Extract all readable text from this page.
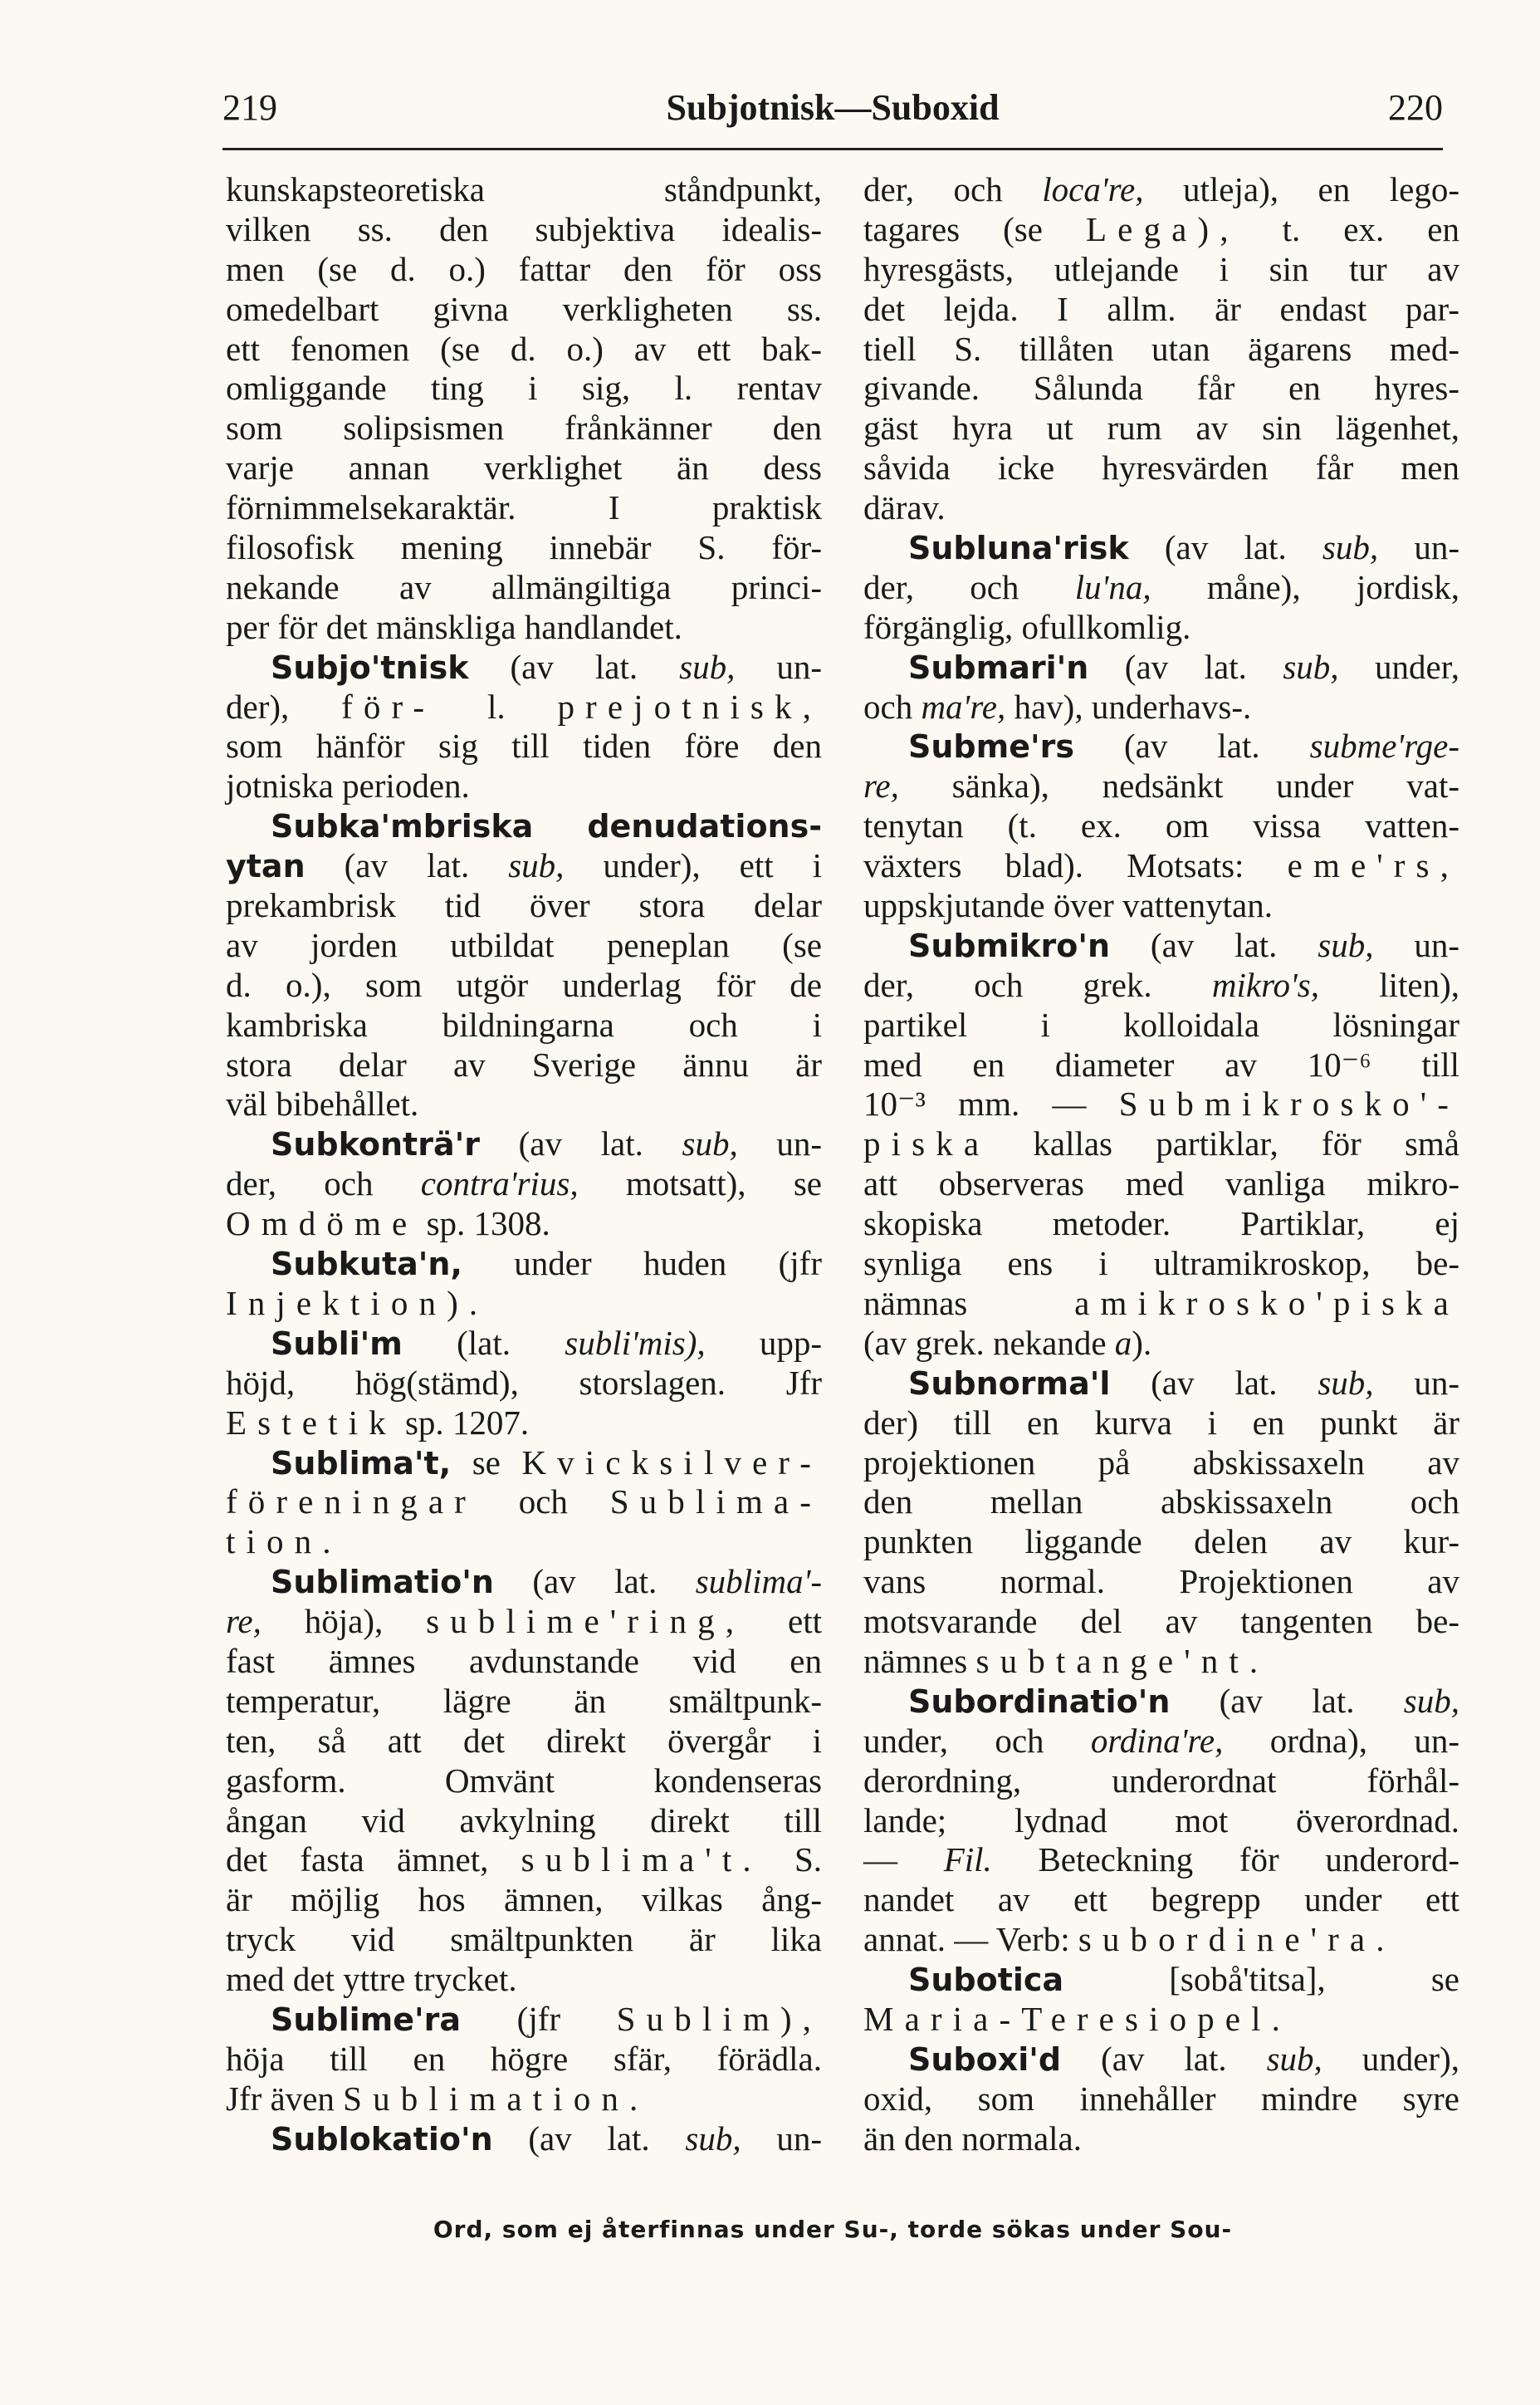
219	Subjotnisk—Suboxid	220
kunskapsteoretiska ståndpunkt,
vilken ss. den subjektiva idealis-
men (se d. o.) fattar den för oss
omedelbart givna verkligheten ss.
ett fenomen (se d. o.) av ett bak-
omliggande ting i sig, l. rentav
som solipsismen frånkänner den
varje annan verklighet än dess
förnimmelsekaraktär. I praktisk
filosofisk mening innebär S. för-
nekande av allmängiltiga princi-
per för det mänskliga handlandet.
Subjo'tnisk (av lat. sub, un-
der), för- l. prejotnisk,
som hänför sig till tiden före den
jotniska perioden.
Subka'mbriska denudations-
ytan (av lat. sub, under), ett i
prekambrisk tid över stora delar
av jorden utbildat peneplan (se
d. o.), som utgör underlag för de
kambriska bildningarna och i
stora delar av Sverige ännu är
väl bibehållet.
Subkonträ'r (av lat. sub, un-
der, och contra'rius, motsatt), se
Omdöme sp. 1308.
Subkuta'n, under huden (jfr
Injektion).
Subli'm (lat. subli'mis), upp-
höjd, hög(stämd), storslagen. Jfr
Estetik sp. 1207.
Sublima't, se Kvicksilver-
föreningar och Sublima-
tion.
Sublimatio'n (av lat. sublima'-
re, höja), sublime'ring, ett
fast ämnes avdunstande vid en
temperatur, lägre än smältpunk-
ten, så att det direkt övergår i
gasform. Omvänt kondenseras
ångan vid avkylning direkt till
det fasta ämnet, sublima't. S.
är möjlig hos ämnen, vilkas ång-
tryck vid smältpunkten är lika
med det yttre trycket.
Sublime'ra (jfr Sublim),
höja till en högre sfär, förädla.
Jfr även Sublimation.
Sublokatio'n (av lat. sub, un-
der, och loca're, utleja), en lego-
tagares (se Lega), t. ex. en
hyresgästs, utlejande i sin tur av
det lejda. I allm. är endast par-
tiell S. tillåten utan ägarens med-
givande. Sålunda får en hyres-
gäst hyra ut rum av sin lägenhet,
såvida icke hyresvärden får men
därav.
Subluna'risk (av lat. sub, un-
der, och lu'na, måne), jordisk,
förgänglig, ofullkomlig.
Submari'n (av lat. sub, under,
och ma're, hav), underhavs-.
Subme'rs (av lat. subme'rge-
re, sänka), nedsänkt under vat-
tenytan (t. ex. om vissa vatten-
växters blad). Motsats: eme'rs,
uppskjutande över vattenytan.
Submikro'n (av lat. sub, un-
der, och grek. mikro's, liten),
partikel i kolloidala lösningar
med en diameter av 10⁻⁶ till
10⁻³ mm. — Submikrosko'-
piska kallas partiklar, för små
att observeras med vanliga mikro-
skopiska metoder. Partiklar, ej
synliga ens i ultramikroskop, be-
nämnas amikrosko'piska
(av grek. nekande a).
Subnorma'l (av lat. sub, un-
der) till en kurva i en punkt är
projektionen på abskissaxeln av
den mellan abskissaxeln och
punkten liggande delen av kur-
vans normal. Projektionen av
motsvarande del av tangenten be-
nämnes subtange'nt.
Subordinatio'n (av lat. sub,
under, och ordina're, ordna), un-
derordning, underordnat förhål-
lande; lydnad mot överordnad.
— Fil. Beteckning för underord-
nandet av ett begrepp under ett
annat. — Verb: subordine'ra.
Subotica [sobå'titsa], se
Maria-Teresiopel.
Suboxi'd (av lat. sub, under),
oxid, som innehåller mindre syre
än den normala.
Ord, som ej återfinnas under Su-, torde sökas under Sou-
